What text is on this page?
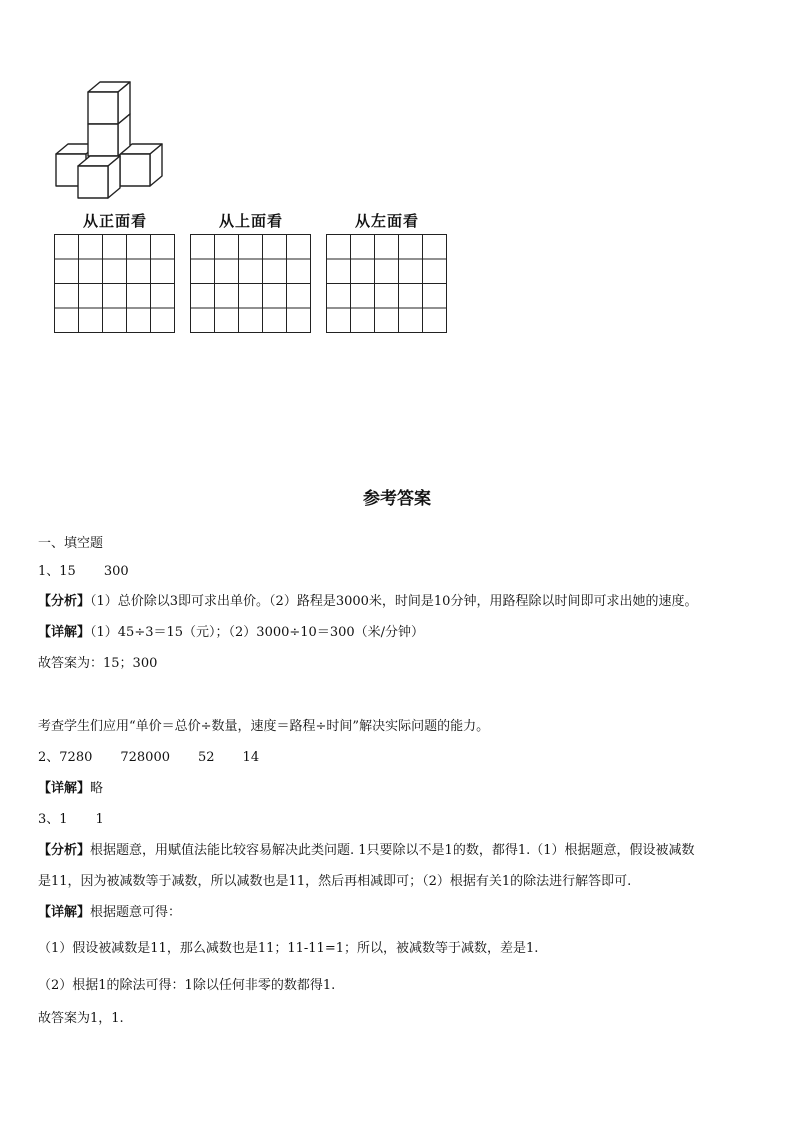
从正面看	从上面看	从左面看
参考答案
一、填空题
1、15 300
【分析】（1）总价除以3即可求出单价。（2）路程是3000米，时间是10分钟，用路程除以时间即可求出她的速度。
【详解】（1）45÷3＝15（元）；（2）3000÷10＝300（米/分钟）
故答案为：15；300
考查学生们应用“单价＝总价÷数量，速度＝路程÷时间”解决实际问题的能力。
2、7280 728000 52 14
【详解】略
3、1 1
【分析】根据题意，用赋值法能比较容易解决此类问题. 1只要除以不是1的数，都得1.（1）根据题意，假设被减数
是11，因为被减数等于减数，所以减数也是11，然后再相减即可；（2）根据有关1的除法进行解答即可.
【详解】根据题意可得：
（1）假设被减数是11，那么减数也是11；11-11=1；所以，被减数等于减数，差是1.
（2）根据1的除法可得：1除以任何非零的数都得1.
故答案为1，1.
